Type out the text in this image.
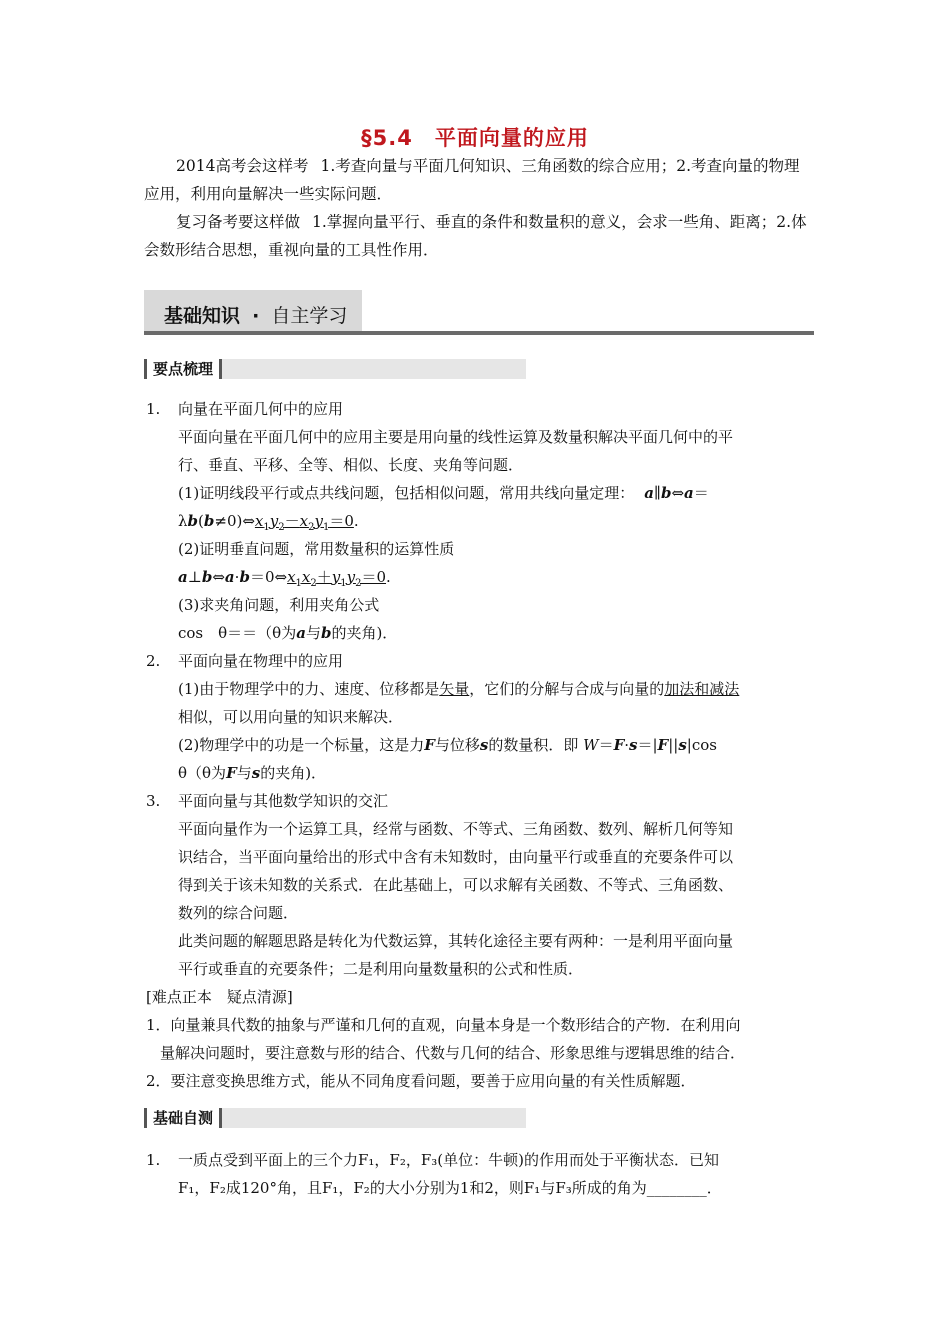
§5.4　平面向量的应用
2014高考会这样考 1.考查向量与平面几何知识、三角函数的综合应用；2.考查向量的物理应用，利用向量解决一些实际问题．
复习备考要这样做 1.掌握向量平行、垂直的条件和数量积的意义，会求一些角、距离；2.体会数形结合思想，重视向量的工具性作用．
基础知识 · 自主学习
要点梳理
1. 向量在平面几何中的应用
平面向量在平面几何中的应用主要是用向量的线性运算及数量积解决平面几何中的平
行、垂直、平移、全等、相似、长度、夹角等问题．
(1)证明线段平行或点共线问题，包括相似问题，常用共线向量定理： a∥b⇔a＝
$\lambda b(b\ne 0)\Leftrightarrow x_1y_2-x_2y_1=0$.
(2)证明垂直问题，常用数量积的运算性质
$a\perp b\Leftrightarrow a\cdot b=0\Leftrightarrow x_1x_2+y_1y_2=0$.
(3)求夹角问题，利用夹角公式
cos　θ＝＝（θ为a与b的夹角)．
2. 平面向量在物理中的应用
(1)由于物理学中的力、速度、位移都是矢量，它们的分解与合成与向量的加法和减法
相似，可以用向量的知识来解决．
(2)物理学中的功是一个标量，这是力F与位移s的数量积．即 W＝F·s＝|F||s|cos
θ（θ为F与s的夹角)．
3. 平面向量与其他数学知识的交汇
平面向量作为一个运算工具，经常与函数、不等式、三角函数、数列、解析几何等知
识结合，当平面向量给出的形式中含有未知数时，由向量平行或垂直的充要条件可以
得到关于该未知数的关系式．在此基础上，可以求解有关函数、不等式、三角函数、
数列的综合问题．
此类问题的解题思路是转化为代数运算，其转化途径主要有两种：一是利用平面向量
平行或垂直的充要条件；二是利用向量数量积的公式和性质．
[难点正本　疑点清源]
1．向量兼具代数的抽象与严谨和几何的直观，向量本身是一个数形结合的产物．在利用向
量解决问题时，要注意数与形的结合、代数与几何的结合、形象思维与逻辑思维的结合．
2．要注意变换思维方式，能从不同角度看问题，要善于应用向量的有关性质解题．
基础自测
1. 一质点受到平面上的三个力F₁，F₂，F₃(单位：牛顿)的作用而处于平衡状态．已知
F₁，F₂成120°角，且F₁，F₂的大小分别为1和2，则F₁与F₃所成的角为________．
